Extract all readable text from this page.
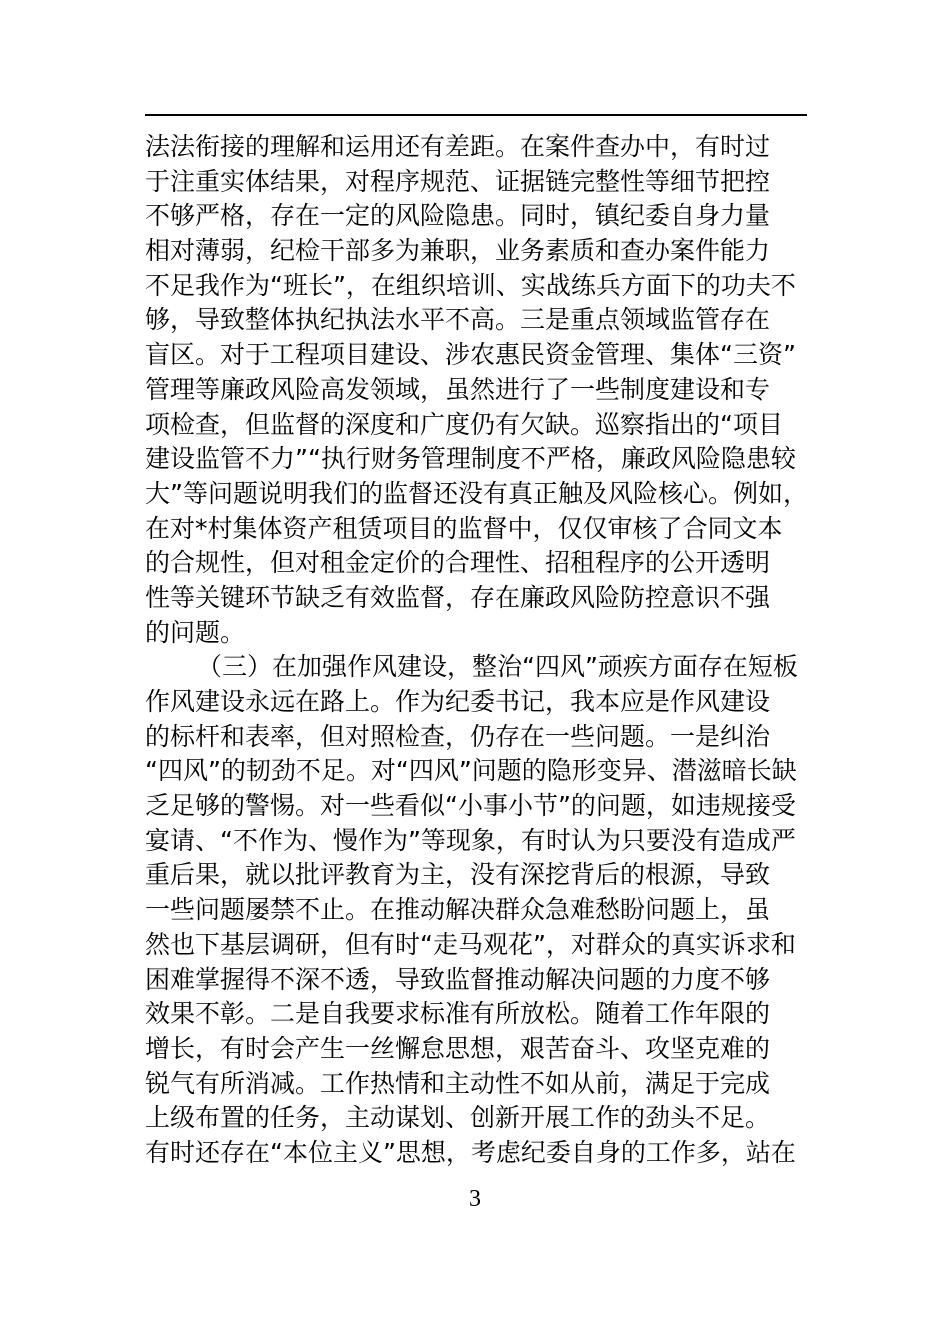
法法衔接的理解和运用还有差距。在案件查办中，有时过
于注重实体结果，对程序规范、证据链完整性等细节把控
不够严格，存在一定的风险隐患。同时，镇纪委自身力量
相对薄弱，纪检干部多为兼职，业务素质和查办案件能力
不足我作为“班长”，在组织培训、实战练兵方面下的功夫不
够，导致整体执纪执法水平不高。三是重点领域监管存在
盲区。对于工程项目建设、涉农惠民资金管理、集体“三资”
管理等廉政风险高发领域，虽然进行了一些制度建设和专
项检查，但监督的深度和广度仍有欠缺。巡察指出的“项目
建设监管不力”“执行财务管理制度不严格，廉政风险隐患较
大”等问题说明我们的监督还没有真正触及风险核心。例如，
在对*村集体资产租赁项目的监督中，仅仅审核了合同文本
的合规性，但对租金定价的合理性、招租程序的公开透明
性等关键环节缺乏有效监督，存在廉政风险防控意识不强
的问题。
（三）在加强作风建设，整治“四风”顽疾方面存在短板
作风建设永远在路上。作为纪委书记，我本应是作风建设
的标杆和表率，但对照检查，仍存在一些问题。一是纠治
“四风”的韧劲不足。对“四风”问题的隐形变异、潜滋暗长缺
乏足够的警惕。对一些看似“小事小节”的问题，如违规接受
宴请、“不作为、慢作为”等现象，有时认为只要没有造成严
重后果，就以批评教育为主，没有深挖背后的根源，导致
一些问题屡禁不止。在推动解决群众急难愁盼问题上，虽
然也下基层调研，但有时“走马观花”，对群众的真实诉求和
困难掌握得不深不透，导致监督推动解决问题的力度不够
效果不彰。二是自我要求标准有所放松。随着工作年限的
增长，有时会产生一丝懈怠思想，艰苦奋斗、攻坚克难的
锐气有所消减。工作热情和主动性不如从前，满足于完成
上级布置的任务，主动谋划、创新开展工作的劲头不足。
有时还存在“本位主义”思想，考虑纪委自身的工作多，站在
3
